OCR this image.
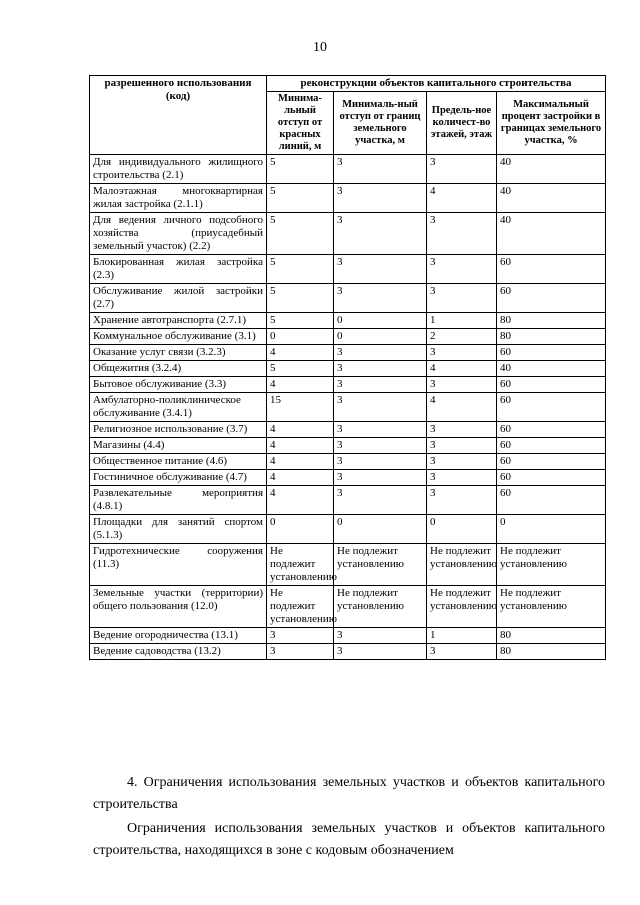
10
разрешенного использования (код)	реконструкции объектов капитального строительства			
	Минима-льный отступ от красных линий, м	Минималь-ный отступ от границ земельного участка, м	Предель-ное количест-во этажей, этаж	Максимальный процент застройки в границах земельного участка, %
Для индивидуального жилищного строительства (2.1)	5	3	3	40
Малоэтажная многоквартирная жилая застройка (2.1.1)	5	3	4	40
Для ведения личного подсобного хозяйства (приусадебный земельный участок) (2.2)	5	3	3	40
Блокированная жилая застройка (2.3)	5	3	3	60
Обслуживание жилой застройки (2.7)	5	3	3	60
Хранение автотранспорта (2.7.1)	5	0	1	80
Коммунальное обслуживание (3.1)	0	0	2	80
Оказание услуг связи (3.2.3)	4	3	3	60
Общежития (3.2.4)	5	3	4	40
Бытовое обслуживание (3.3)	4	3	3	60
Амбулаторно-поликлиническое обслуживание (3.4.1)	15	3	4	60
Религиозное использование (3.7)	4	3	3	60
Магазины (4.4)	4	3	3	60
Общественное питание (4.6)	4	3	3	60
Гостиничное обслуживание (4.7)	4	3	3	60
Развлекательные мероприятия (4.8.1)	4	3	3	60
Площадки для занятий спортом (5.1.3)	0	0	0	0
Гидротехнические сооружения (11.3)	Не подлежит установлению	Не подлежит установлению	Не подлежит установлению	Не подлежит установлению
Земельные участки (территории) общего пользования (12.0)	Не подлежит установлению	Не подлежит установлению	Не подлежит установлению	Не подлежит установлению
Ведение огородничества (13.1)	3	3	1	80
Ведение садоводства (13.2)	3	3	3	80
4. Ограничения использования земельных участков и объектов капитального строительства
Ограничения использования земельных участков и объектов капитального строительства, находящихся в зоне с кодовым обозначением
